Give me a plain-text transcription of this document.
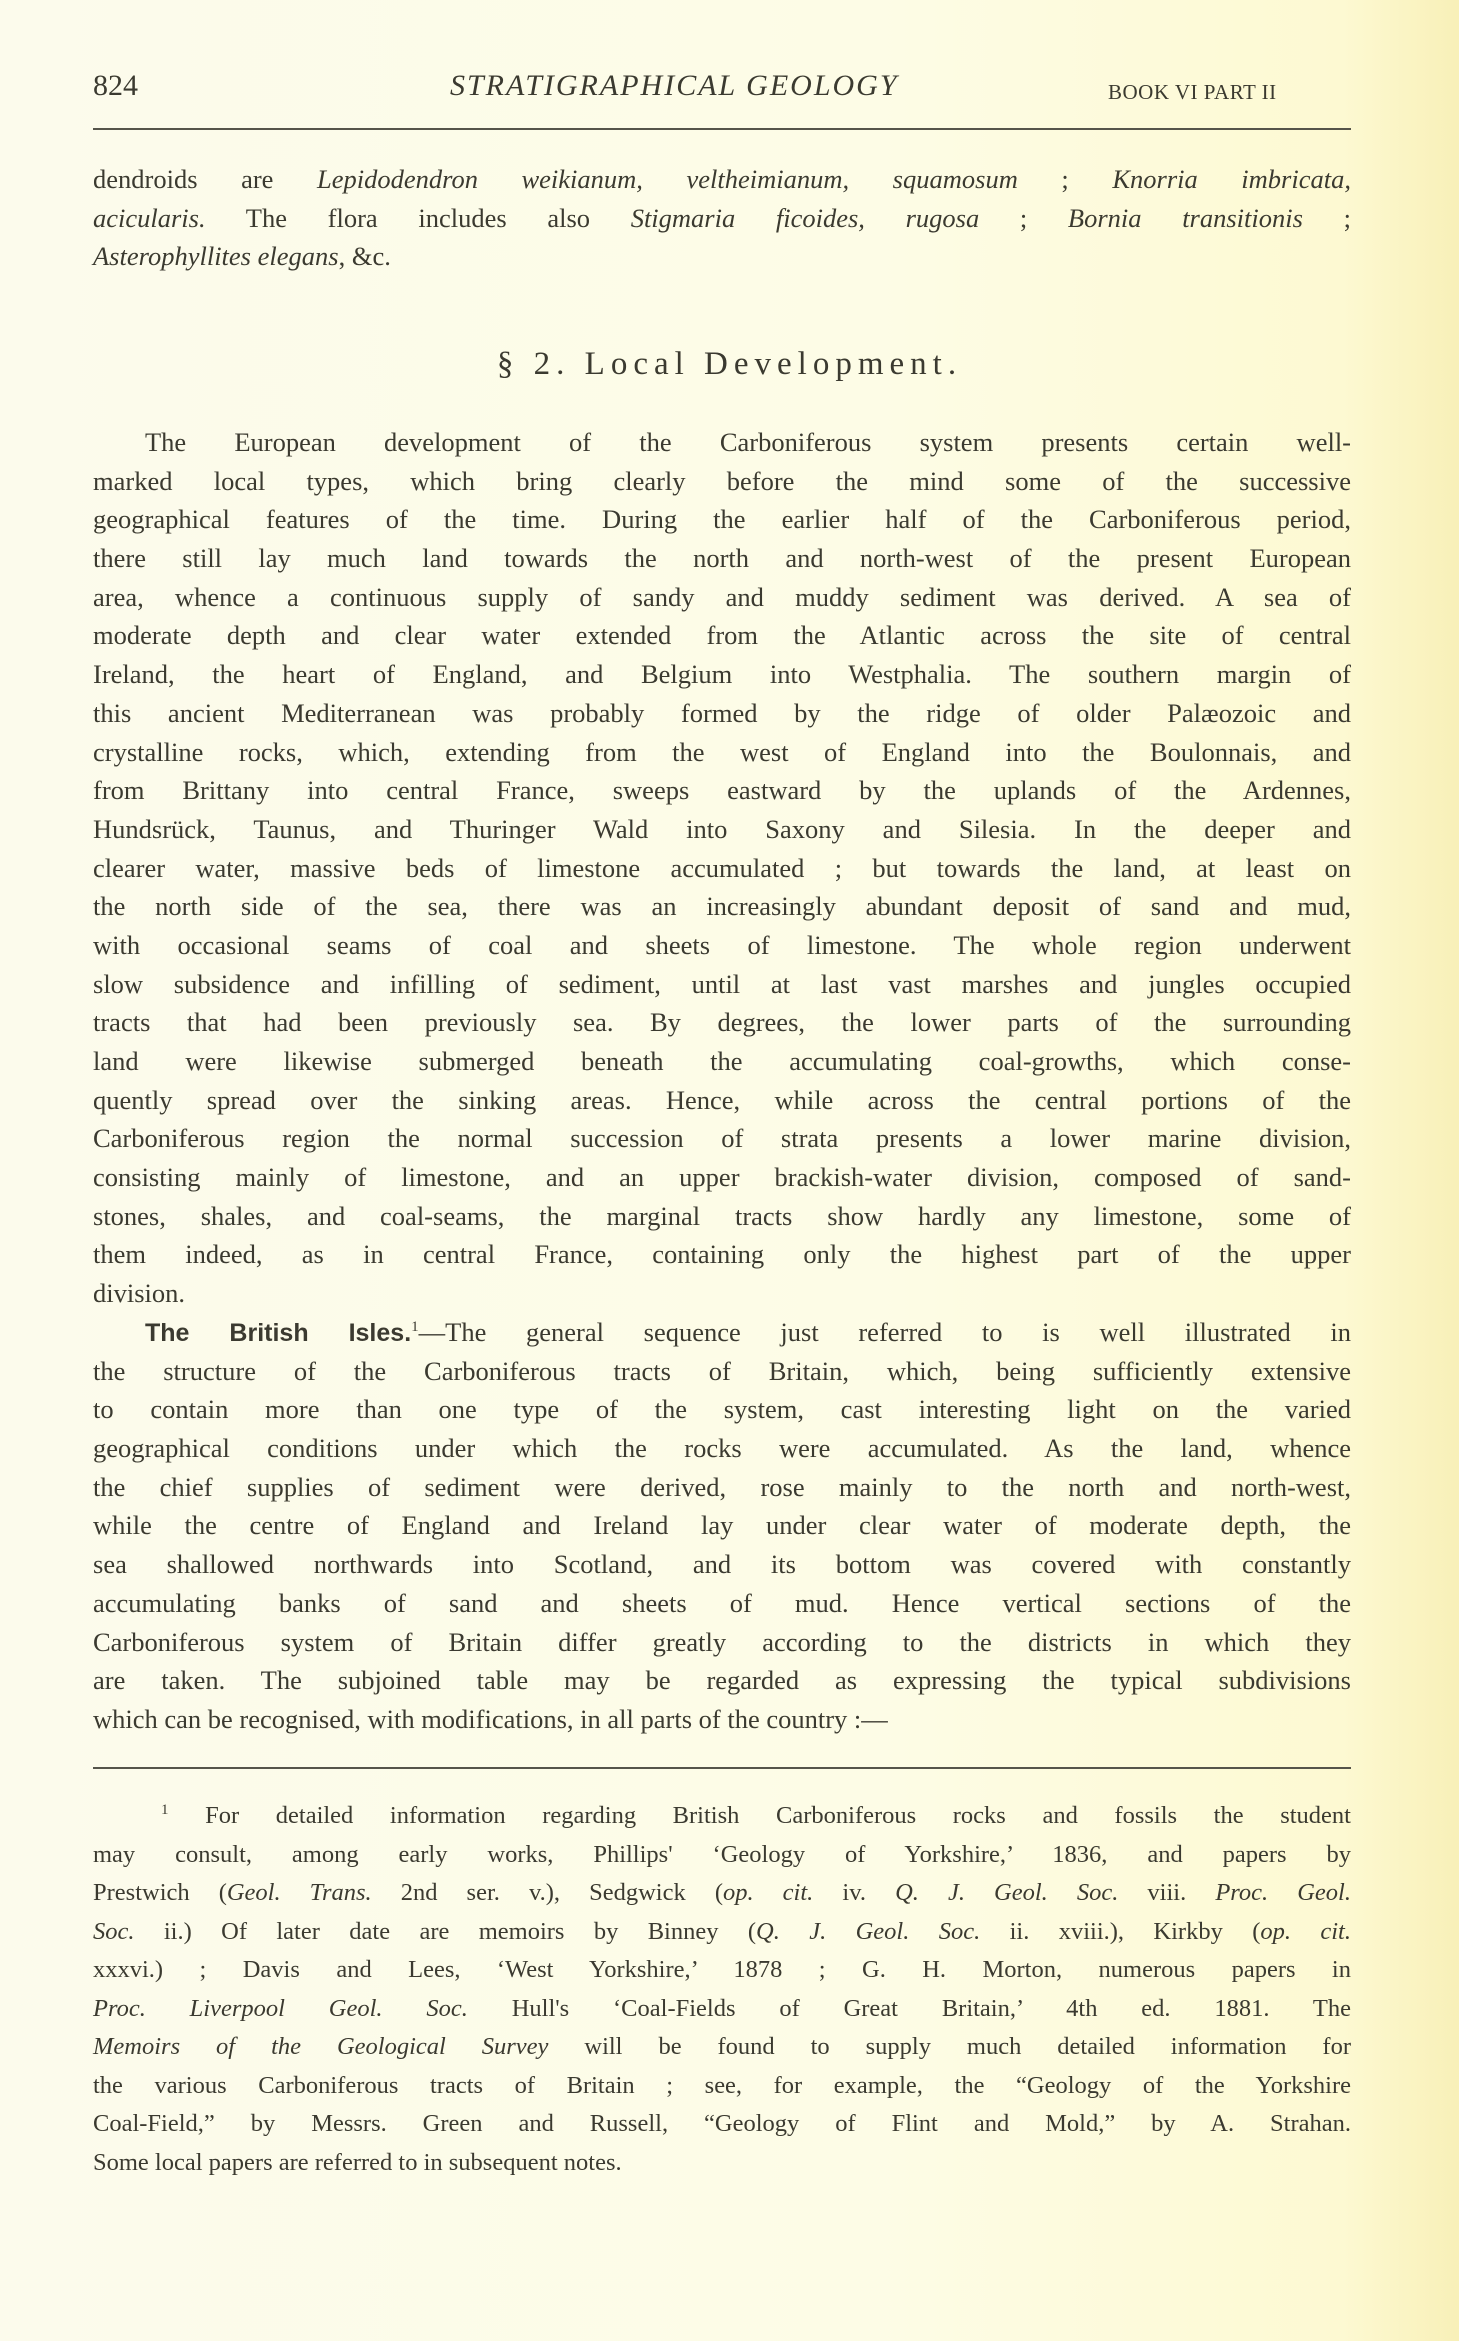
824	STRATIGRAPHICAL GEOLOGY	BOOK VI PART II
dendroids are Lepidodendron weikianum, veltheimianum, squamosum ; Knorria imbricata,
acicularis. The flora includes also Stigmaria ficoides, rugosa ; Bornia transitionis ;
Asterophyllites elegans, &c.
§ 2. Local Development.
The European development of the Carboniferous system presents certain well-
marked local types, which bring clearly before the mind some of the successive
geographical features of the time. During the earlier half of the Carboniferous period,
there still lay much land towards the north and north-west of the present European
area, whence a continuous supply of sandy and muddy sediment was derived. A sea of
moderate depth and clear water extended from the Atlantic across the site of central
Ireland, the heart of England, and Belgium into Westphalia. The southern margin of
this ancient Mediterranean was probably formed by the ridge of older Palæozoic and
crystalline rocks, which, extending from the west of England into the Boulonnais, and
from Brittany into central France, sweeps eastward by the uplands of the Ardennes,
Hundsrück, Taunus, and Thuringer Wald into Saxony and Silesia. In the deeper and
clearer water, massive beds of limestone accumulated ; but towards the land, at least on
the north side of the sea, there was an increasingly abundant deposit of sand and mud,
with occasional seams of coal and sheets of limestone. The whole region underwent
slow subsidence and infilling of sediment, until at last vast marshes and jungles occupied
tracts that had been previously sea. By degrees, the lower parts of the surrounding
land were likewise submerged beneath the accumulating coal-growths, which conse-
quently spread over the sinking areas. Hence, while across the central portions of the
Carboniferous region the normal succession of strata presents a lower marine division,
consisting mainly of limestone, and an upper brackish-water division, composed of sand-
stones, shales, and coal-seams, the marginal tracts show hardly any limestone, some of
them indeed, as in central France, containing only the highest part of the upper
division.
The British Isles.$^1$—The general sequence just referred to is well illustrated in
the structure of the Carboniferous tracts of Britain, which, being sufficiently extensive
to contain more than one type of the system, cast interesting light on the varied
geographical conditions under which the rocks were accumulated. As the land, whence
the chief supplies of sediment were derived, rose mainly to the north and north-west,
while the centre of England and Ireland lay under clear water of moderate depth, the
sea shallowed northwards into Scotland, and its bottom was covered with constantly
accumulating banks of sand and sheets of mud. Hence vertical sections of the
Carboniferous system of Britain differ greatly according to the districts in which they
are taken. The subjoined table may be regarded as expressing the typical subdivisions
which can be recognised, with modifications, in all parts of the country :—
$^1$ For detailed information regarding British Carboniferous rocks and fossils the student
may consult, among early works, Phillips' ‘Geology of Yorkshire,’ 1836, and papers by
Prestwich (Geol. Trans. 2nd ser. v.), Sedgwick (op. cit. iv. Q. J. Geol. Soc. viii. Proc. Geol.
Soc. ii.) Of later date are memoirs by Binney (Q. J. Geol. Soc. ii. xviii.), Kirkby (op. cit.
xxxvi.) ; Davis and Lees, ‘West Yorkshire,’ 1878 ; G. H. Morton, numerous papers in
Proc. Liverpool Geol. Soc. Hull's ‘Coal-Fields of Great Britain,’ 4th ed. 1881. The
Memoirs of the Geological Survey will be found to supply much detailed information for
the various Carboniferous tracts of Britain ; see, for example, the “Geology of the Yorkshire
Coal-Field,” by Messrs. Green and Russell, “Geology of Flint and Mold,” by A. Strahan.
Some local papers are referred to in subsequent notes.
